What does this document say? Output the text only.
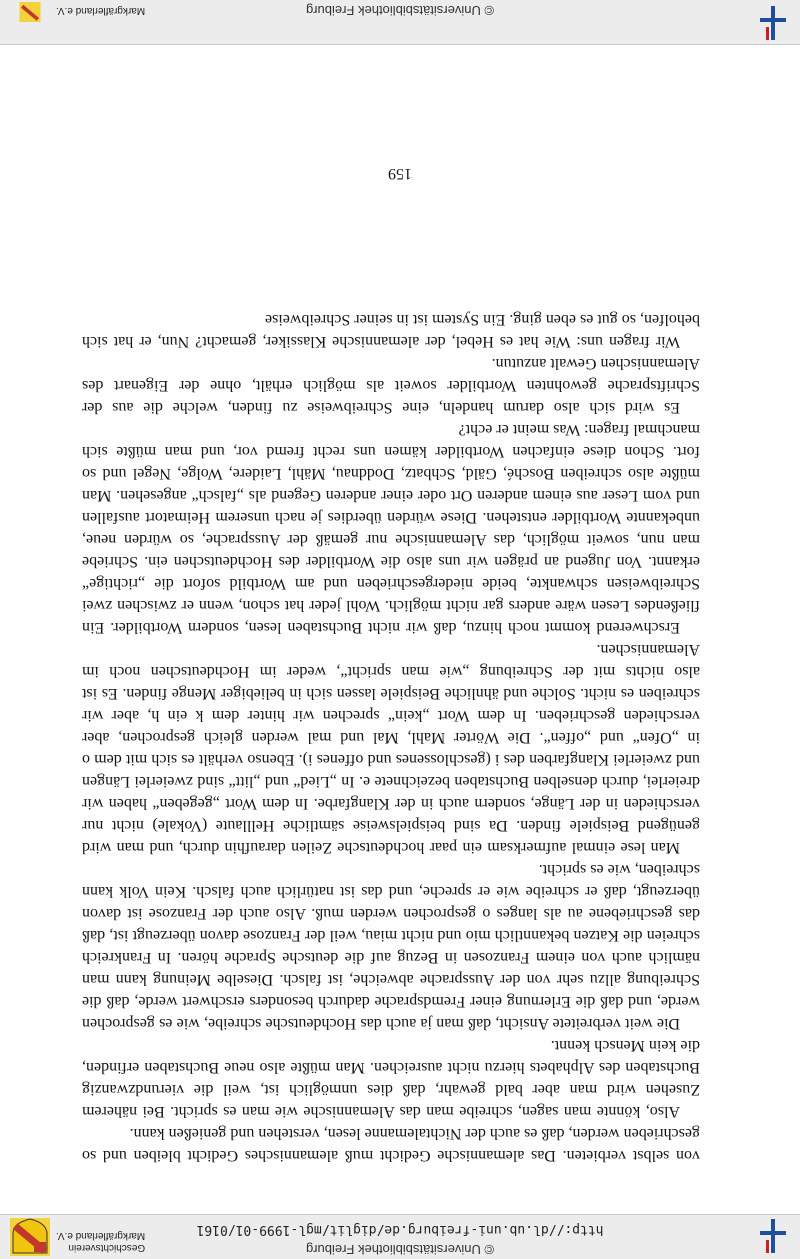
© Universitätsbibliothek Freiburg
http://dl.ub.uni-freiburg.de/diglit/mgl-1999-01/0161
Geschichtsverein
Markgräflerland e.V.

von selbst verbieten. Das alemannische Gedicht muß alemannisches Gedicht bleiben und so geschrieben werden, daß es auch der Nichtalemanne lesen, verstehen und genießen kann.

Also, könnte man sagen, schreibe man das Alemannische wie man es spricht. Bei näherem Zusehen wird man aber bald gewahr, daß dies unmöglich ist, weil die vierundzwanzig Buchstaben des Alphabets hierzu nicht ausreichen. Man müßte also neue Buchstaben erfinden, die kein Mensch kennt.

Die weit verbreitete Ansicht, daß man ja auch das Hochdeutsche schreibe, wie es gesprochen werde, und daß die Erlernung einer Fremdsprache dadurch besonders erschwert werde, daß die Schreibung allzu sehr von der Aussprache abweiche, ist falsch. Dieselbe Meinung kann man nämlich auch von einem Franzosen in Bezug auf die deutsche Sprache hören. In Frankreich schreien die Katzen bekanntlich mio und nicht miau, weil der Franzose davon überzeugt ist, daß das geschriebene au als langes o gesprochen werden muß. Also auch der Franzose ist davon überzeugt, daß er schreibe wie er spreche, und das ist natürlich auch falsch. Kein Volk kann schreiben, wie es spricht.

Man lese einmal aufmerksam ein paar hochdeutsche Zeilen daraufhin durch, und man wird genügend Beispiele finden. Da sind beispielsweise sämtliche Helllaute (Vokale) nicht nur verschieden in der Länge, sondern auch in der Klangfarbe. In dem Wort „gegeben“ haben wir dreierlei, durch denselben Buchstaben bezeichnete e. In „Lied“ und „litt“ sind zweierlei Längen und zweierlei Klangfarben des i (geschlossenes und offenes i). Ebenso verhält es sich mit dem o in „Ofen“ und „offen“. Die Wörter Mahl, Mal und mal werden gleich gesprochen, aber verschieden geschrieben. In dem Wort „kein“ sprechen wir hinter dem k ein h, aber wir schreiben es nicht. Solche und ähnliche Beispiele lassen sich in beliebiger Menge finden. Es ist also nichts mit der Schreibung „wie man spricht“, weder im Hochdeutschen noch im Alemannischen.

Erschwerend kommt noch hinzu, daß wir nicht Buchstaben lesen, sondern Wortbilder. Ein fließendes Lesen wäre anders gar nicht möglich. Wohl jeder hat schon, wenn er zwischen zwei Schreibweisen schwankte, beide niedergeschrieben und am Wortbild sofort die „richtige“ erkannt. Von Jugend an prägen wir uns also die Wortbilder des Hochdeutschen ein. Schriebe man nun, soweit möglich, das Alemannische nur gemäß der Aussprache, so würden neue, unbekannte Wortbilder entstehen. Diese würden überdies je nach unserem Heimatort ausfallen und vom Leser aus einem anderen Ort oder einer anderen Gegend als „falsch“ angesehen. Man müßte also schreiben Bosché, Gäld, Schbatz, Doddnau, Mähl, Laidere, Wolge, Negel und so fort. Schon diese einfachen Wortbilder kämen uns recht fremd vor, und man müßte sich manchmal fragen: Was meint er echt?

Es wird sich also darum handeln, eine Schreibweise zu finden, welche die aus der Schriftsprache gewohnten Wortbilder soweit als möglich erhält, ohne der Eigenart des Alemannischen Gewalt anzutun.

Wir fragen uns: Wie hat es Hebel, der alemannische Klassiker, gemacht? Nun, er hat sich beholfen, so gut es eben ging. Ein System ist in seiner Schreibweise

159
© Universitätsbibliothek Freiburg
Markgräflerland e.V.
